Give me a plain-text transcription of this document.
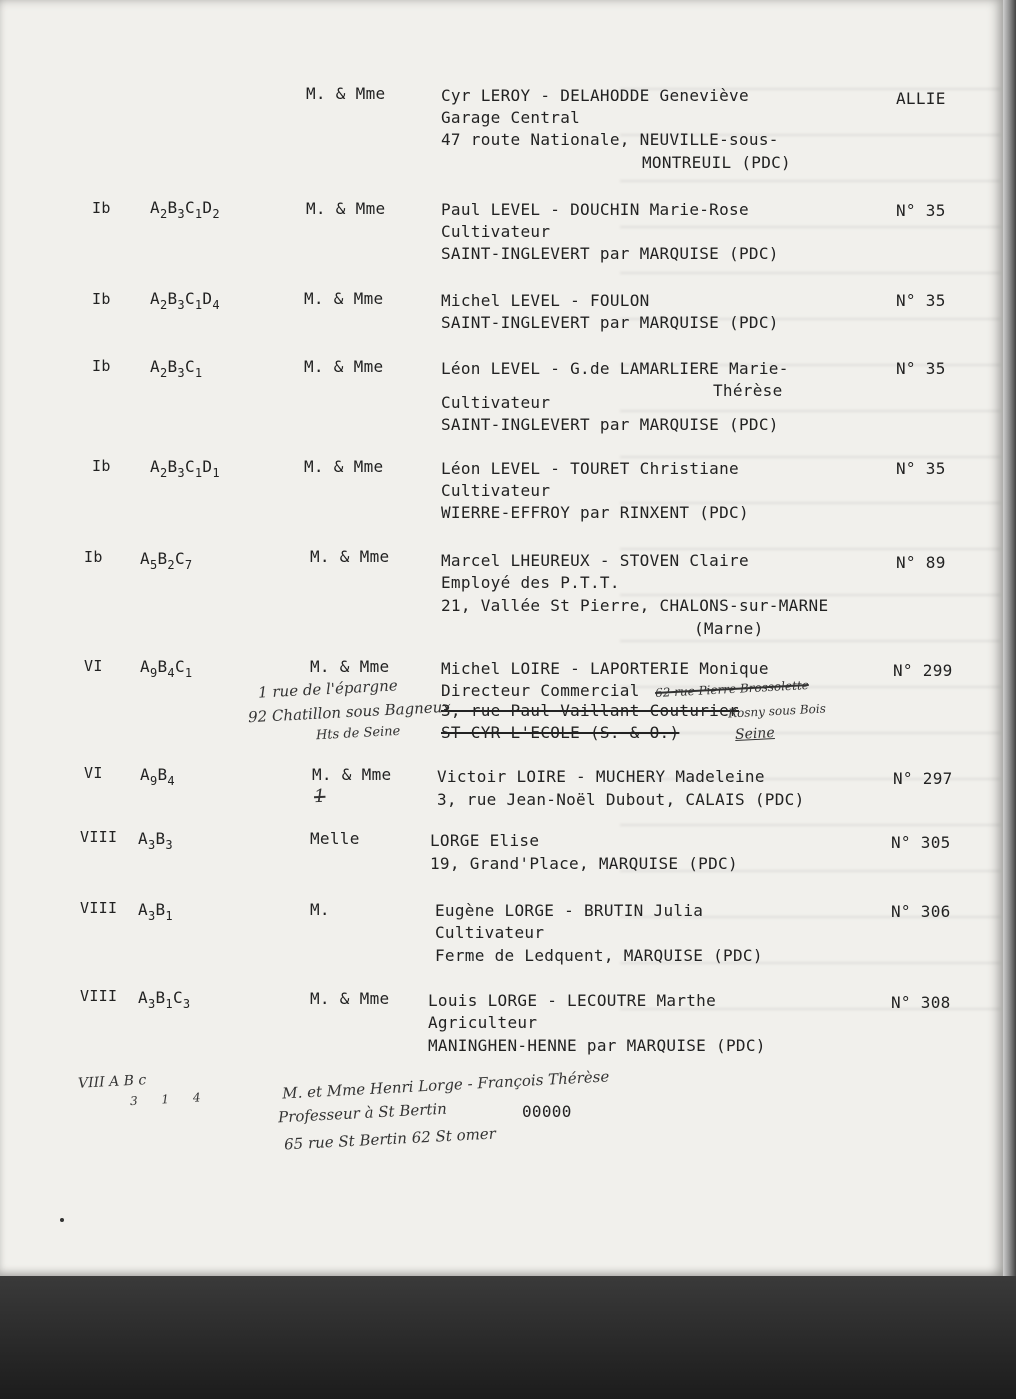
M. & Mme	Cyr LEROY - DELAHODDE Geneviève
Garage Central
47 route Nationale, NEUVILLE-sous-
MONTREUIL (PDC)
ALLIE
Ib $A_2B_3C_1D_2$	M. & Mme	Paul LEVEL - DOUCHIN Marie-Rose
Cultivateur
SAINT-INGLEVERT par MARQUISE (PDC)
N° 35
Ib $A_2B_3C_1D_4$	M. & Mme	Michel LEVEL - FOULON
SAINT-INGLEVERT par MARQUISE (PDC)
N° 35
Ib $A_2B_3C_1$	M. & Mme	Léon LEVEL - G.de LAMARLIERE Marie-
Thérèse
Cultivateur
SAINT-INGLEVERT par MARQUISE (PDC)
N° 35
Ib $A_2B_3C_1D_1$	M. & Mme	Léon LEVEL - TOURET Christiane
Cultivateur
WIERRE-EFFROY par RINXENT (PDC)
N° 35
Ib $A_5B_2C_7$	M. & Mme	Marcel LHEUREUX - STOVEN Claire
Employé des P.T.T.
21, Vallée St Pierre, CHALONS-sur-MARNE
(Marne)
N° 89
VI $A_9B_4C_1$	M. & Mme	Michel LOIRE - LAPORTERIE Monique
Directeur Commercial
3, rue Paul Vaillant Couturier
ST CYR L'ECOLE (S. & O.)
N° 299
1 rue de l'épargne
92 Chatillon sous Bagneux
Hts de Seine
62 rue Pierre Brossolette
Rosny sous Bois
Seine
VI $A_9B_4$	M. & Mme	Victoir LOIRE - MUCHERY Madeleine
3, rue Jean-Noël Dubout, CALAIS (PDC)
N° 297
1
VIII $A_3B_3$	Melle	LORGE Elise
19, Grand'Place, MARQUISE (PDC)
N° 305
VIII $A_3B_1$	M.	Eugène LORGE - BRUTIN Julia
Cultivateur
Ferme de Ledquent, MARQUISE (PDC)
N° 306
VIII $A_3B_1C_3$	M. & Mme Louis LORGE - LECOUTRE Marthe
Agriculteur
MANINGHEN-HENNE par MARQUISE (PDC)
N° 308
VIII A B c
3 1 4	M. et Mme Henri Lorge - François Thérèse
Professeur à St Bertin	00000
65 rue St Bertin 62 St omer
